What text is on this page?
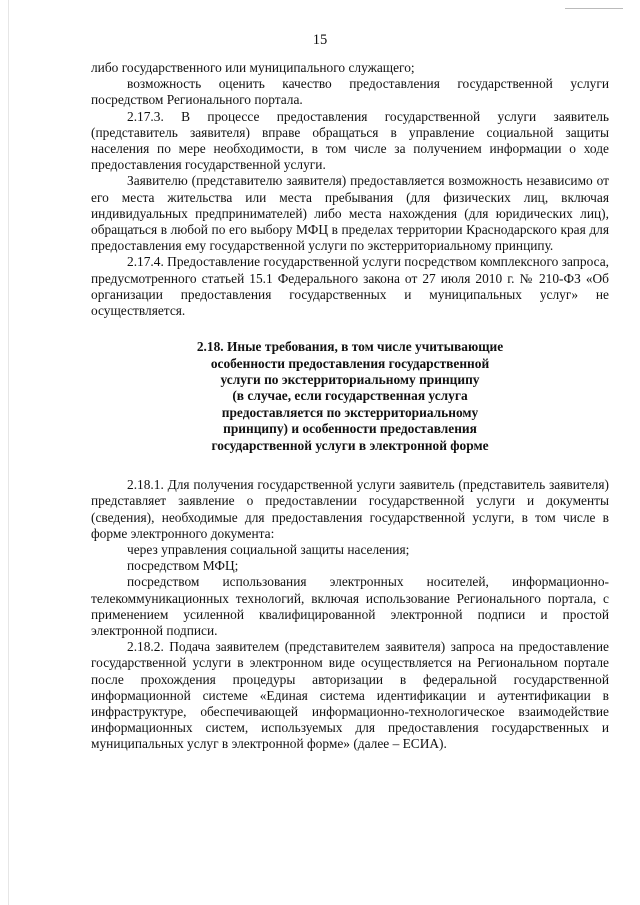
15

либо государственного или муниципального служащего;

возможность оценить качество предоставления государственной услуги посредством Регионального портала.

2.17.3. В процессе предоставления государственной услуги заявитель (представитель заявителя) вправе обращаться в управление социальной защиты населения по мере необходимости, в том числе за получением информации о ходе предоставления государственной услуги.

Заявителю (представителю заявителя) предоставляется возможность независимо от его места жительства или места пребывания (для физических лиц, включая индивидуальных предпринимателей) либо места нахождения (для юридических лиц), обращаться в любой по его выбору МФЦ в пределах территории Краснодарского края для предоставления ему государственной услуги по экстерриториальному принципу.

2.17.4. Предоставление государственной услуги посредством комплексного запроса, предусмотренного статьей 15.1 Федерального закона от 27 июля 2010 г. № 210-ФЗ «Об организации предоставления государственных и муниципальных услуг» не осуществляется.

2.18. Иные требования, в том числе учитывающие
особенности предоставления государственной
услуги по экстерриториальному принципу
(в случае, если государственная услуга
предоставляется по экстерриториальному
принципу) и особенности предоставления
государственной услуги в электронной форме

2.18.1. Для получения государственной услуги заявитель (представитель заявителя) представляет заявление о предоставлении государственной услуги и документы (сведения), необходимые для предоставления государственной услуги, в том числе в форме электронного документа:

через управления социальной защиты населения;

посредством МФЦ;

посредством использования электронных носителей, информационно-телекоммуникационных технологий, включая использование Регионального портала, с применением усиленной квалифицированной электронной подписи и простой электронной подписи.

2.18.2. Подача заявителем (представителем заявителя) запроса на предоставление государственной услуги в электронном виде осуществляется на Региональном портале после прохождения процедуры авторизации в федеральной государственной информационной системе «Единая система идентификации и аутентификации в инфраструктуре, обеспечивающей информационно-технологическое взаимодействие информационных систем, используемых для предоставления государственных и муниципальных услуг в электронной форме» (далее – ЕСИА).
